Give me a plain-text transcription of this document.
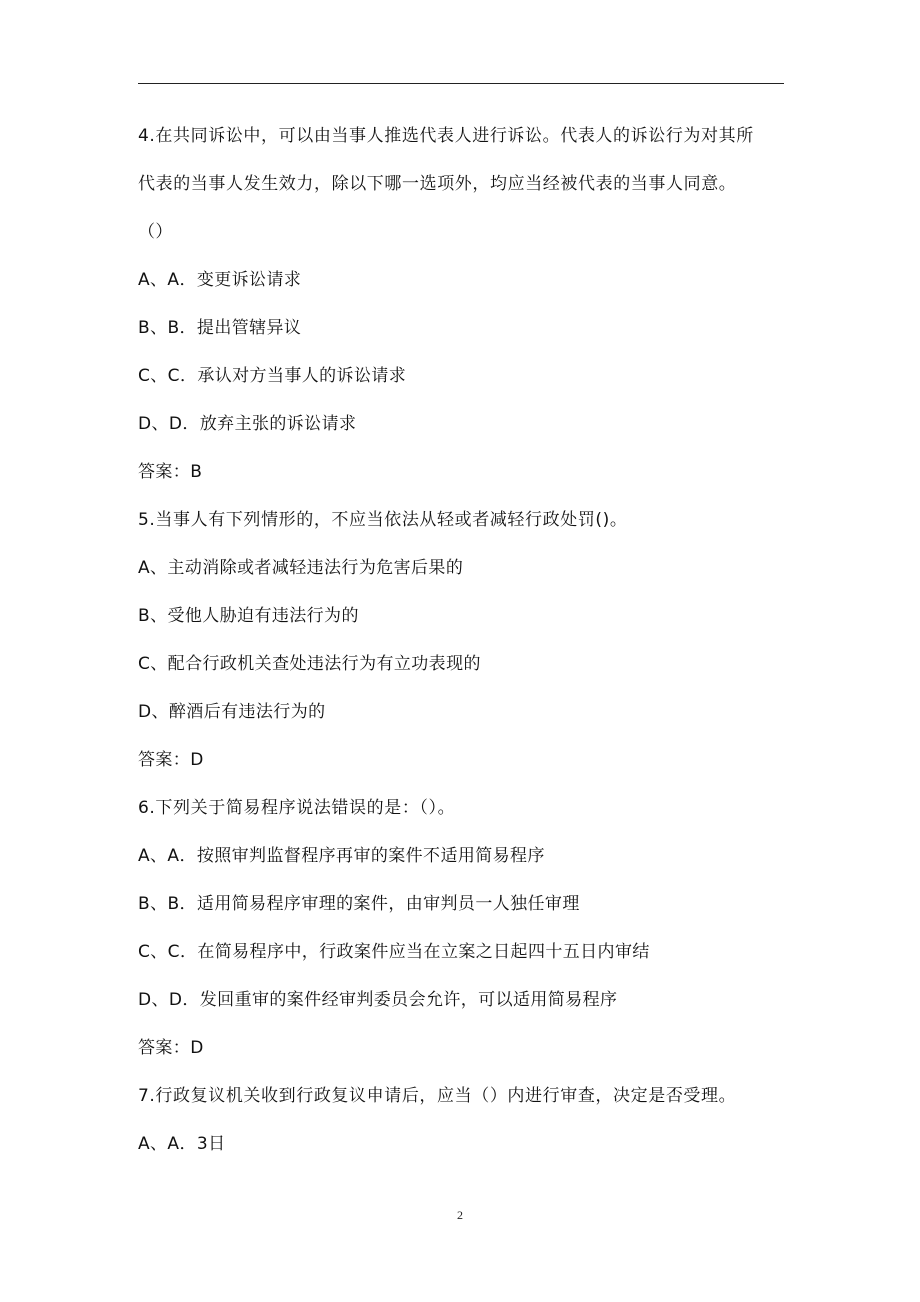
4.在共同诉讼中，可以由当事人推选代表人进行诉讼。代表人的诉讼行为对其所
代表的当事人发生效力，除以下哪一选项外，均应当经被代表的当事人同意。
（）
A、A．变更诉讼请求
B、B．提出管辖异议
C、C．承认对方当事人的诉讼请求
D、D．放弃主张的诉讼请求
答案：B
5.当事人有下列情形的，不应当依法从轻或者减轻行政处罚()。
A、主动消除或者减轻违法行为危害后果的
B、受他人胁迫有违法行为的
C、配合行政机关查处违法行为有立功表现的
D、醉酒后有违法行为的
答案：D
6.下列关于简易程序说法错误的是：（）。
A、A．按照审判监督程序再审的案件不适用简易程序
B、B．适用简易程序审理的案件，由审判员一人独任审理
C、C．在简易程序中，行政案件应当在立案之日起四十五日内审结
D、D．发回重审的案件经审判委员会允许，可以适用简易程序
答案：D
7.行政复议机关收到行政复议申请后，应当（）内进行审查，决定是否受理。
A、A．3日
2
